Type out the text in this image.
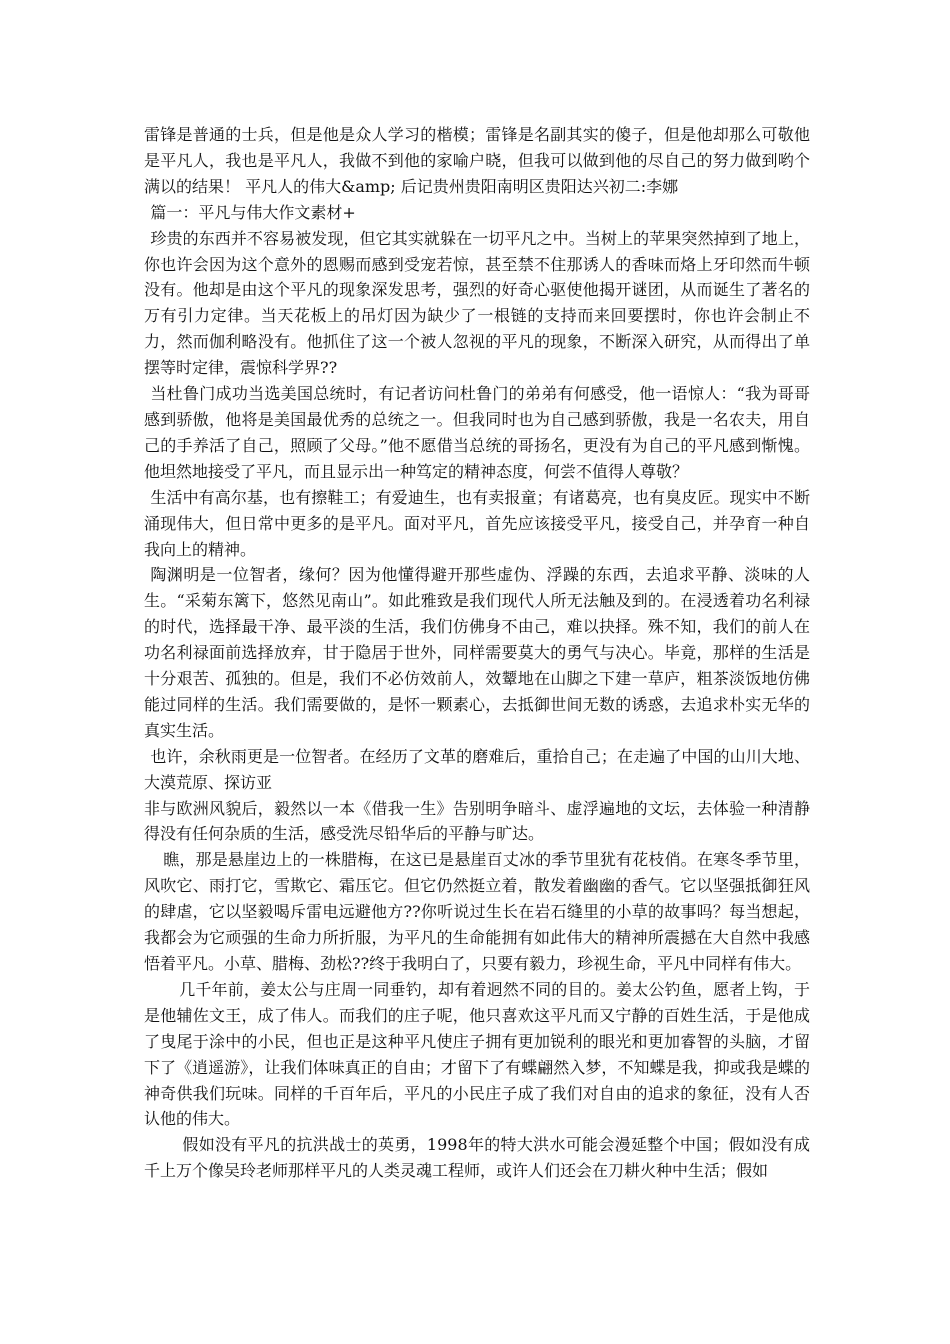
雷锋是普通的士兵，但是他是众人学习的楷模；雷锋是名副其实的傻子，但是他却那么可敬他是平凡人，我也是平凡人，我做不到他的家喻户晓，但我可以做到他的尽自己的努力做到哟个满以的结果！ 平凡人的伟大&amp; 后记贵州贵阳南明区贵阳达兴初二:李娜

篇一：平凡与伟大作文素材+

珍贵的东西并不容易被发现，但它其实就躲在一切平凡之中。当树上的苹果突然掉到了地上，你也许会因为这个意外的恩赐而感到受宠若惊，甚至禁不住那诱人的香味而烙上牙印然而牛顿没有。他却是由这个平凡的现象深发思考，强烈的好奇心驱使他揭开谜团，从而诞生了著名的万有引力定律。当天花板上的吊灯因为缺少了一根链的支持而来回要摆时，你也许会制止不力，然而伽利略没有。他抓住了这一个被人忽视的平凡的现象，不断深入研究，从而得出了单摆等时定律，震惊科学界??

当杜鲁门成功当选美国总统时，有记者访问杜鲁门的弟弟有何感受，他一语惊人：“我为哥哥感到骄傲，他将是美国最优秀的总统之一。但我同时也为自己感到骄傲，我是一名农夫，用自己的手养活了自己，照顾了父母。”他不愿借当总统的哥扬名，更没有为自己的平凡感到惭愧。他坦然地接受了平凡，而且显示出一种笃定的精神态度，何尝不值得人尊敬？

生活中有高尔基，也有擦鞋工；有爱迪生，也有卖报童；有诸葛亮，也有臭皮匠。现实中不断涌现伟大，但日常中更多的是平凡。面对平凡，首先应该接受平凡，接受自己，并孕育一种自我向上的精神。

陶渊明是一位智者，缘何？因为他懂得避开那些虚伪、浮躁的东西，去追求平静、淡味的人生。“采菊东篱下，悠然见南山”。如此雅致是我们现代人所无法触及到的。在浸透着功名利禄的时代，选择最干净、最平淡的生活，我们仿佛身不由己，难以抉择。殊不知，我们的前人在功名利禄面前选择放弃，甘于隐居于世外，同样需要莫大的勇气与决心。毕竟，那样的生活是十分艰苦、孤独的。但是，我们不必仿效前人，效颦地在山脚之下建一草庐，粗茶淡饭地仿佛能过同样的生活。我们需要做的，是怀一颗素心，去抵御世间无数的诱惑，去追求朴实无华的真实生活。

也许，余秋雨更是一位智者。在经历了文革的磨难后，重拾自己；在走遍了中国的山川大地、大漠荒原、探访亚

非与欧洲风貌后，毅然以一本《借我一生》告别明争暗斗、虚浮遍地的文坛，去体验一种清静得没有任何杂质的生活，感受洗尽铅华后的平静与旷达。

瞧，那是悬崖边上的一株腊梅，在这已是悬崖百丈冰的季节里犹有花枝俏。在寒冬季节里，风吹它、雨打它，雪欺它、霜压它。但它仍然挺立着，散发着幽幽的香气。它以坚强抵御狂风的肆虐，它以坚毅喝斥雷电远避他方??你听说过生长在岩石缝里的小草的故事吗？每当想起，我都会为它顽强的生命力所折服，为平凡的生命能拥有如此伟大的精神所震撼在大自然中我感悟着平凡。小草、腊梅、劲松??终于我明白了，只要有毅力，珍视生命，平凡中同样有伟大。

几千年前，姜太公与庄周一同垂钓，却有着迥然不同的目的。姜太公钓鱼，愿者上钩，于是他辅佐文王，成了伟人。而我们的庄子呢，他只喜欢这平凡而又宁静的百姓生活，于是他成了曳尾于涂中的小民，但也正是这种平凡使庄子拥有更加锐利的眼光和更加睿智的头脑，才留下了《逍遥游》，让我们体味真正的自由；才留下了有蝶翩然入梦，不知蝶是我，抑或我是蝶的神奇供我们玩味。同样的千百年后，平凡的小民庄子成了我们对自由的追求的象征，没有人否认他的伟大。

假如没有平凡的抗洪战士的英勇，1998年的特大洪水可能会漫延整个中国；假如没有成千上万个像吴玲老师那样平凡的人类灵魂工程师，或许人们还会在刀耕火种中生活；假如
